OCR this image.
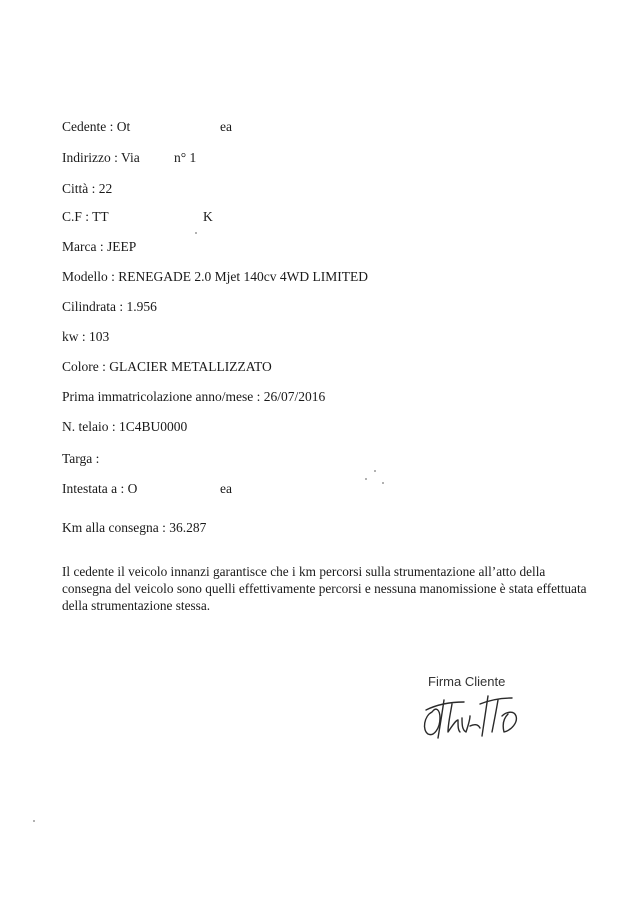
Cedente : Ot	ea
Indirizzo : Via	n° 1
Città : 22
C.F : TT	K
Marca : JEEP
Modello : RENEGADE 2.0 Mjet 140cv 4WD LIMITED
Cilindrata : 1.956
kw : 103
Colore : GLACIER METALLIZZATO
Prima immatricolazione anno/mese : 26/07/2016
N. telaio : 1C4BU0000
Targa :
Intestata a : O	ea
Km alla consegna : 36.287
Il cedente il veicolo innanzi garantisce che i km percorsi sulla strumentazione all’atto della
consegna del veicolo sono quelli effettivamente percorsi e nessuna manomissione è stata effettuata
della strumentazione stessa.
Firma Cliente
